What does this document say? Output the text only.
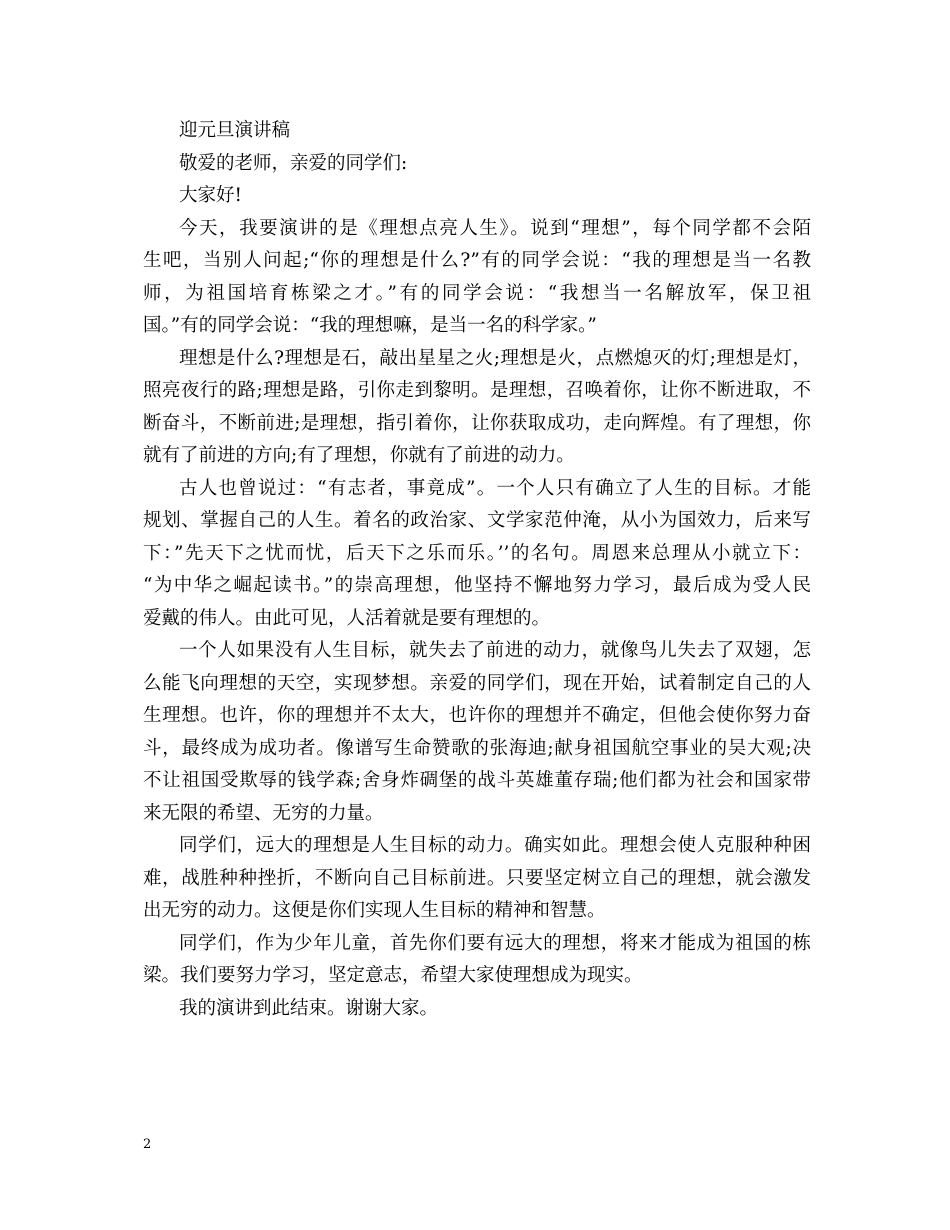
迎元旦演讲稿
敬爱的老师，亲爱的同学们:
大家好!
今天，我要演讲的是《理想点亮人生》。说到“理想”，每个同学都不会陌
生吧，当别人问起;“你的理想是什么?”有的同学会说：“我的理想是当一名教
师，为祖国培育栋梁之才。”有的同学会说：“我想当一名解放军，保卫祖
国。”有的同学会说：“我的理想嘛，是当一名的科学家。”
理想是什么?理想是石，敲出星星之火;理想是火，点燃熄灭的灯;理想是灯，
照亮夜行的路;理想是路，引你走到黎明。是理想，召唤着你，让你不断进取，不
断奋斗，不断前进;是理想，指引着你，让你获取成功，走向辉煌。有了理想，你
就有了前进的方向;有了理想，你就有了前进的动力。
古人也曾说过：“有志者，事竟成”。一个人只有确立了人生的目标。才能
规划、掌握自己的人生。着名的政治家、文学家范仲淹，从小为国效力，后来写
下：”先天下之忧而忧，后天下之乐而乐。’’的名句。周恩来总理从小就立下：
“为中华之崛起读书。”的崇高理想，他坚持不懈地努力学习，最后成为受人民
爱戴的伟人。由此可见，人活着就是要有理想的。
一个人如果没有人生目标，就失去了前进的动力，就像鸟儿失去了双翅，怎
么能飞向理想的天空，实现梦想。亲爱的同学们，现在开始，试着制定自己的人
生理想。也许，你的理想并不太大，也许你的理想并不确定，但他会使你努力奋
斗，最终成为成功者。像谱写生命赞歌的张海迪;献身祖国航空事业的吴大观;决
不让祖国受欺辱的钱学森;舍身炸碉堡的战斗英雄董存瑞;他们都为社会和国家带
来无限的希望、无穷的力量。
同学们，远大的理想是人生目标的动力。确实如此。理想会使人克服种种困
难，战胜种种挫折，不断向自己目标前进。只要坚定树立自己的理想，就会激发
出无穷的动力。这便是你们实现人生目标的精神和智慧。
同学们，作为少年儿童，首先你们要有远大的理想，将来才能成为祖国的栋
梁。我们要努力学习，坚定意志，希望大家使理想成为现实。
我的演讲到此结束。谢谢大家。
2
